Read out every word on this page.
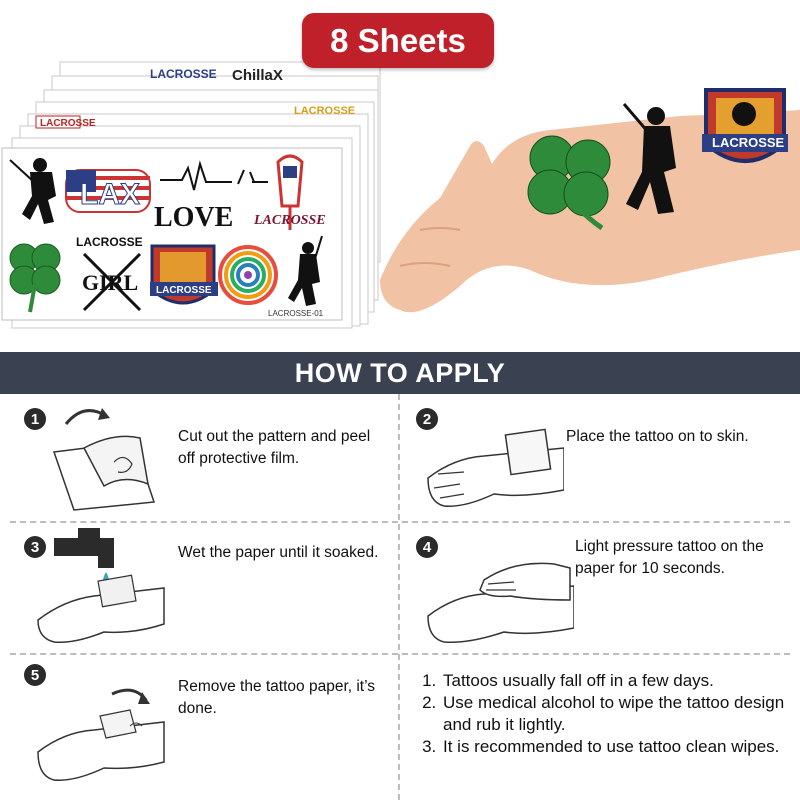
LACROSSE ChillaX
LACROSSE
LACROSSE
LAX
LOVE LACROSSE
LACROSSE
GIRL LACROSSE
LACROSSE-01
LACROSSE
8 Sheets
HOW TO APPLY
1
Cut out the pattern and peel off protective film.
2
Place the tattoo on to skin.
3	Wet the paper until it soaked.	4	Light pressure tattoo on the paper for 10 seconds.
5
Remove the tattoo paper, it’s done.
1. Tattoos usually fall off in a few days.
2. Use medical alcohol to wipe the tattoo design and rub it lightly.
3. It is recommended to use tattoo clean wipes.
